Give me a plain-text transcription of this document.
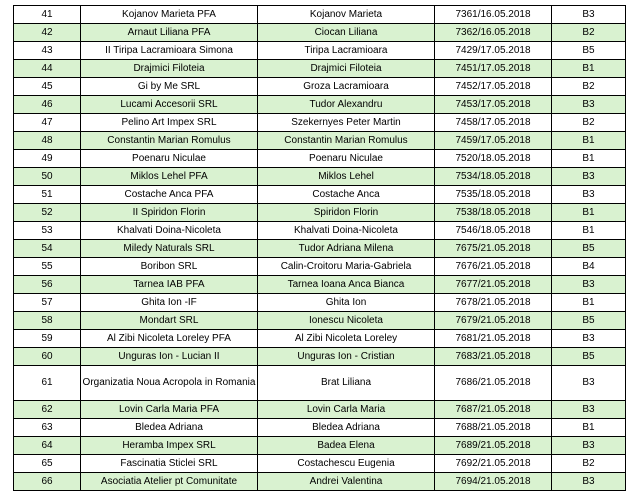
41	Kojanov Marieta PFA	Kojanov Marieta	7361/16.05.2018	B3
42	Arnaut Liliana PFA	Ciocan Liliana	7362/16.05.2018	B2
43	II Tiripa Lacramioara Simona	Tiripa Lacramioara	7429/17.05.2018	B5
44	Drajmici Filoteia	Drajmici Filoteia	7451/17.05.2018	B1
45	Gi by Me SRL	Groza Lacramioara	7452/17.05.2018	B2
46	Lucami Accesorii SRL	Tudor Alexandru	7453/17.05.2018	B3
47	Pelino Art Impex SRL	Szekernyes Peter Martin	7458/17.05.2018	B2
48	Constantin Marian Romulus	Constantin Marian Romulus	7459/17.05.2018	B1
49	Poenaru Niculae	Poenaru Niculae	7520/18.05.2018	B1
50	Miklos Lehel PFA	Miklos Lehel	7534/18.05.2018	B3
51	Costache Anca PFA	Costache Anca	7535/18.05.2018	B3
52	II Spiridon Florin	Spiridon Florin	7538/18.05.2018	B1
53	Khalvati Doina-Nicoleta	Khalvati Doina-Nicoleta	7546/18.05.2018	B1
54	Miledy Naturals SRL	Tudor Adriana Milena	7675/21.05.2018	B5
55	Boribon SRL	Calin-Croitoru Maria-Gabriela	7676/21.05.2018	B4
56	Tarnea IAB PFA	Tarnea Ioana Anca Bianca	7677/21.05.2018	B3
57	Ghita Ion -IF	Ghita Ion	7678/21.05.2018	B1
58	Mondart SRL	Ionescu Nicoleta	7679/21.05.2018	B5
59	Al Zibi Nicoleta Loreley PFA	Al Zibi Nicoleta Loreley	7681/21.05.2018	B3
60	Unguras Ion - Lucian II	Unguras Ion - Cristian	7683/21.05.2018	B5
61	Organizatia Noua Acropola in Romania	Brat Liliana	7686/21.05.2018	B3
62	Lovin Carla Maria PFA	Lovin Carla Maria	7687/21.05.2018	B3
63	Bledea Adriana	Bledea Adriana	7688/21.05.2018	B1
64	Heramba Impex SRL	Badea Elena	7689/21.05.2018	B3
65	Fascinatia Sticlei SRL	Costachescu Eugenia	7692/21.05.2018	B2
66	Asociatia Atelier pt Comunitate	Andrei Valentina	7694/21.05.2018	B3
